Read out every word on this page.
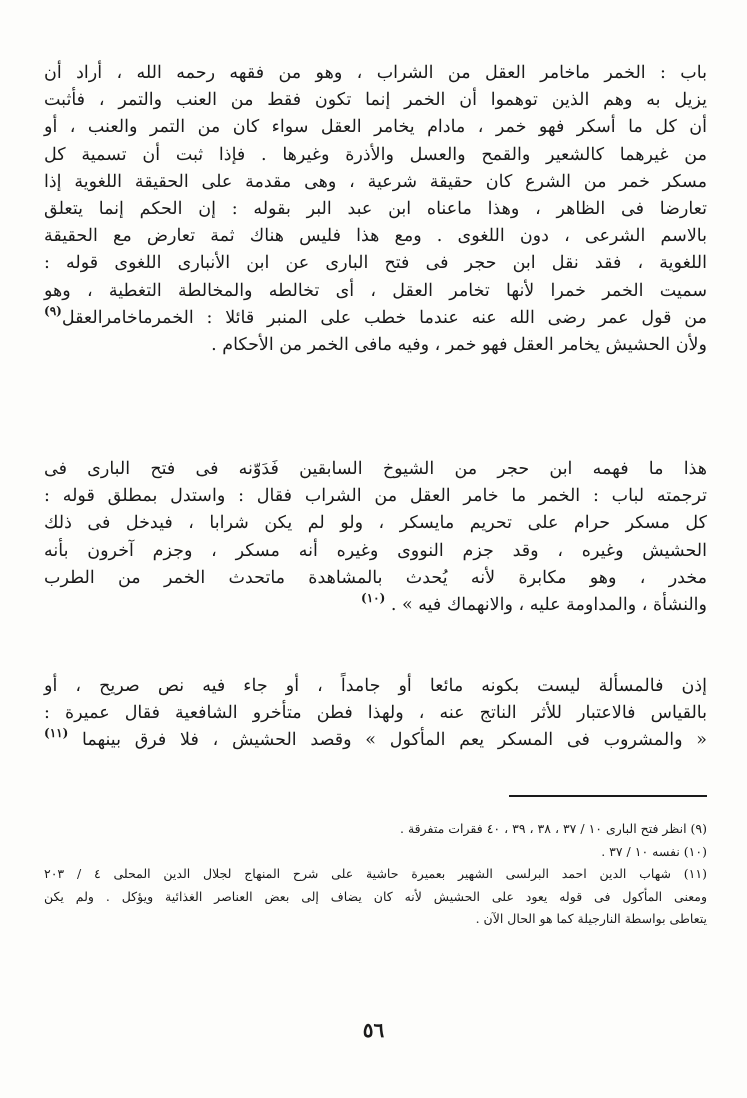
باب : الخمر ماخامر العقل من الشراب ، وهو من فقهه رحمه الله ، أراد أن
يزيل به وهم الذين توهموا أن الخمر إنما تكون فقط من العنب والتمر ، فأثبت
أن كل ما أسكر فهو خمر ، مادام يخامر العقل سواء كان من التمر والعنب ، أو
من غيرهما كالشعير والقمح والعسل والأذرة وغيرها . فإذا ثبت أن تسمية كل
مسكر خمر من الشرع كان حقيقة شرعية ، وهى مقدمة على الحقيقة اللغوية إذا
تعارضا فى الظاهر ، وهذا ماعناه ابن عبد البر بقوله : إن الحكم إنما يتعلق
بالاسم الشرعى ، دون اللغوى . ومع هذا فليس هناك ثمة تعارض مع الحقيقة
اللغوية ، فقد نقل ابن حجر فى فتح البارى عن ابن الأنبارى اللغوى قوله :
سميت الخمر خمرا لأنها تخامر العقل ، أى تخالطه والمخالطة التغطية ، وهو
من قول عمر رضى الله عنه عندما خطب على المنبر قائلا : الخمرماخامرالعقل$^{(٩)}$
ولأن الحشيش يخامر العقل فهو خمر ، وفيه مافى الخمر من الأحكام .
هذا ما فهمه ابن حجر من الشيوخ السابقين فَدَوّنه فى فتح البارى فى
ترجمته لباب : الخمر ما خامر العقل من الشراب فقال : واستدل بمطلق قوله :
كل مسكر حرام على تحريم مايسكر ، ولو لم يكن شرابا ، فيدخل فى ذلك
الحشيش وغيره ، وقد جزم النووى وغيره أنه مسكر ، وجزم آخرون بأنه
مخدر ، وهو مكابرة لأنه يُحدث بالمشاهدة ماتحدث الخمر من الطرب
والنشأة ، والمداومة عليه ، والانهماك فيه » . $^{(١٠)}$
إذن فالمسألة ليست بكونه مائعا أو جامداً ، أو جاء فيه نص صريح ، أو
بالقياس فالاعتبار للأثر الناتج عنه ، ولهذا فطن متأخرو الشافعية فقال عميرة :
« والمشروب فى المسكر يعم المأكول » وقصد الحشيش ، فلا فرق بينهما $^{(١١)}$
(٩) انظر فتح البارى ١٠ / ٣٧ ، ٣٨ ، ٣٩ ، ٤٠ فقرات متفرقة .
(١٠) نفسه ١٠ / ٣٧ .
(١١) شهاب الدين احمد البرلسى الشهير بعميرة حاشية على شرح المنهاج لجلال الدين المحلى ٤ / ٢٠٣
ومعنى المأكول فى قوله يعود على الحشيش لأنه كان يضاف إلى بعض العناصر الغذائية ويؤكل . ولم يكن
يتعاطى بواسطة النارجيلة كما هو الحال الآن .
٥٦
